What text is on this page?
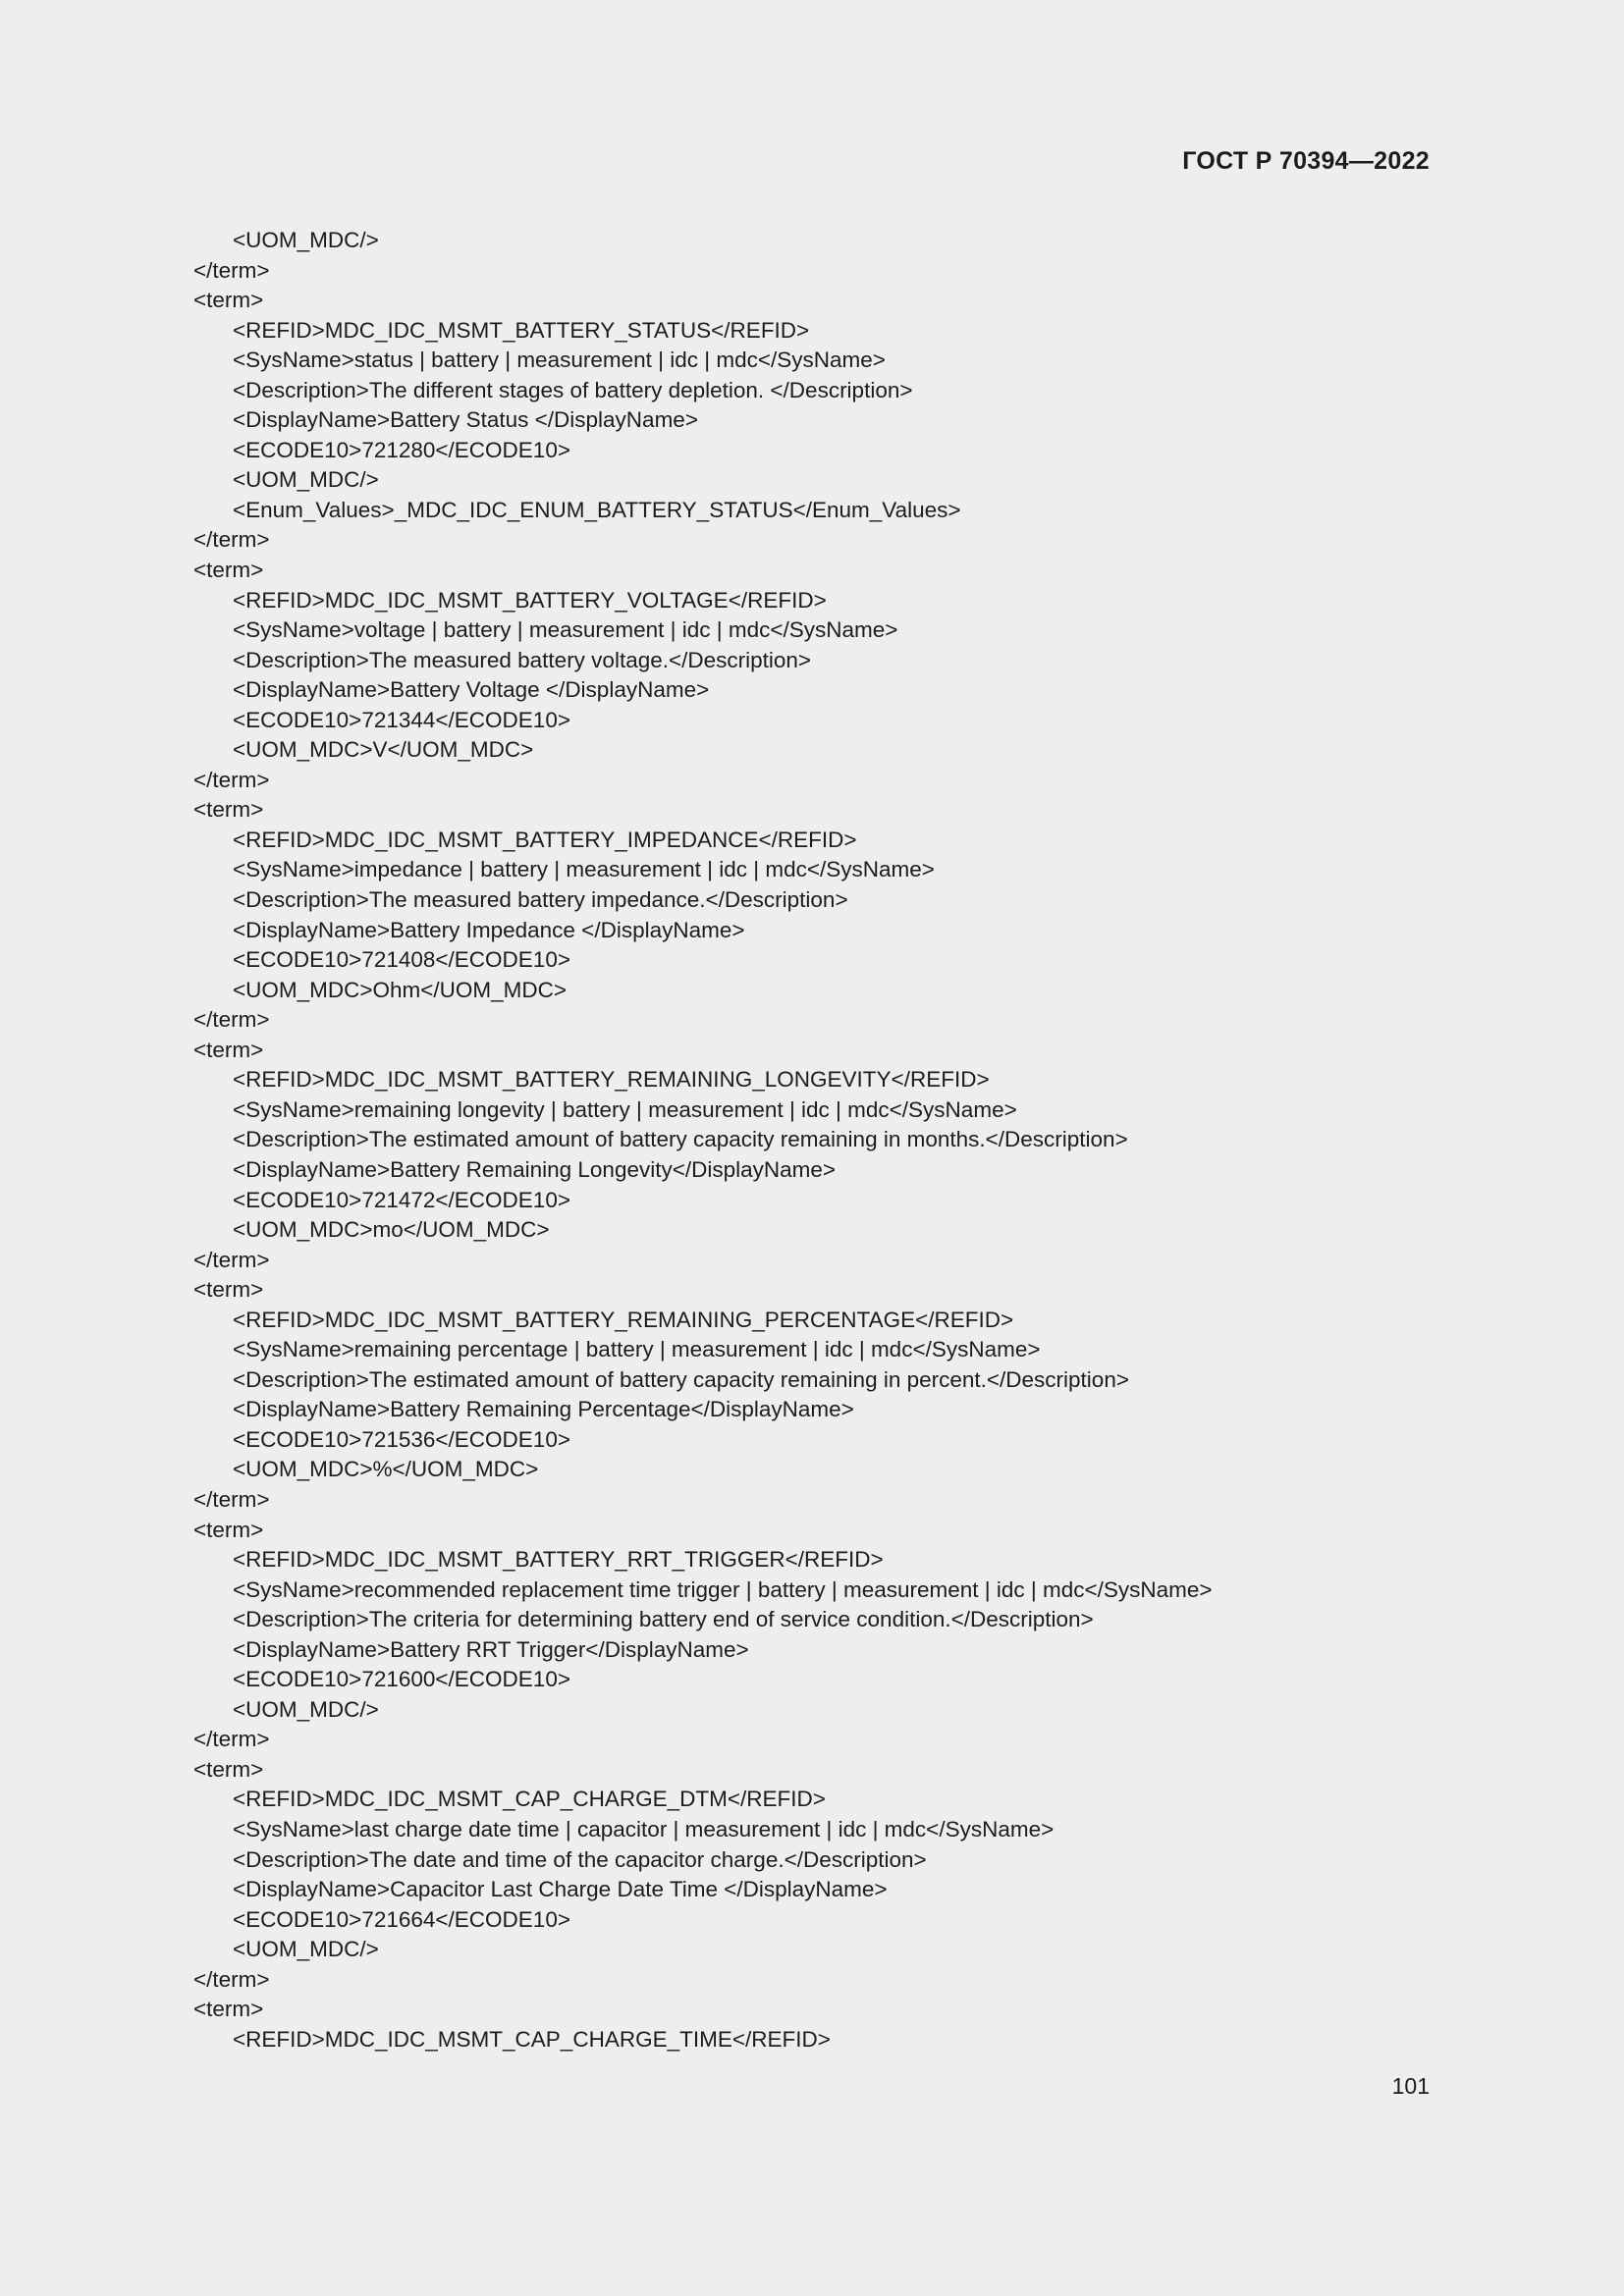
ГОСТ Р 70394—2022
<UOM_MDC/>
</term>
<term>
<REFID>MDC_IDC_MSMT_BATTERY_STATUS</REFID>
<SysName>status | battery | measurement | idc | mdc</SysName>
<Description>The different stages of battery depletion. </Description>
<DisplayName>Battery Status </DisplayName>
<ECODE10>721280</ECODE10>
<UOM_MDC/>
<Enum_Values>_MDC_IDC_ENUM_BATTERY_STATUS</Enum_Values>
</term>
<term>
<REFID>MDC_IDC_MSMT_BATTERY_VOLTAGE</REFID>
<SysName>voltage | battery | measurement | idc | mdc</SysName>
<Description>The measured battery voltage.</Description>
<DisplayName>Battery Voltage </DisplayName>
<ECODE10>721344</ECODE10>
<UOM_MDC>V</UOM_MDC>
</term>
<term>
<REFID>MDC_IDC_MSMT_BATTERY_IMPEDANCE</REFID>
<SysName>impedance | battery | measurement | idc | mdc</SysName>
<Description>The measured battery impedance.</Description>
<DisplayName>Battery Impedance </DisplayName>
<ECODE10>721408</ECODE10>
<UOM_MDC>Ohm</UOM_MDC>
</term>
<term>
<REFID>MDC_IDC_MSMT_BATTERY_REMAINING_LONGEVITY</REFID>
<SysName>remaining longevity | battery | measurement | idc | mdc</SysName>
<Description>The estimated amount of battery capacity remaining in months.</Description>
<DisplayName>Battery Remaining Longevity</DisplayName>
<ECODE10>721472</ECODE10>
<UOM_MDC>mo</UOM_MDC>
</term>
<term>
<REFID>MDC_IDC_MSMT_BATTERY_REMAINING_PERCENTAGE</REFID>
<SysName>remaining percentage | battery | measurement | idc | mdc</SysName>
<Description>The estimated amount of battery capacity remaining in percent.</Description>
<DisplayName>Battery Remaining Percentage</DisplayName>
<ECODE10>721536</ECODE10>
<UOM_MDC>%</UOM_MDC>
</term>
<term>
<REFID>MDC_IDC_MSMT_BATTERY_RRT_TRIGGER</REFID>
<SysName>recommended replacement time trigger | battery | measurement | idc | mdc</SysName>
<Description>The criteria for determining battery end of service condition.</Description>
<DisplayName>Battery RRT Trigger</DisplayName>
<ECODE10>721600</ECODE10>
<UOM_MDC/>
</term>
<term>
<REFID>MDC_IDC_MSMT_CAP_CHARGE_DTM</REFID>
<SysName>last charge date time | capacitor | measurement | idc | mdc</SysName>
<Description>The date and time of the capacitor charge.</Description>
<DisplayName>Capacitor Last Charge Date Time </DisplayName>
<ECODE10>721664</ECODE10>
<UOM_MDC/>
</term>
<term>
<REFID>MDC_IDC_MSMT_CAP_CHARGE_TIME</REFID>
101
